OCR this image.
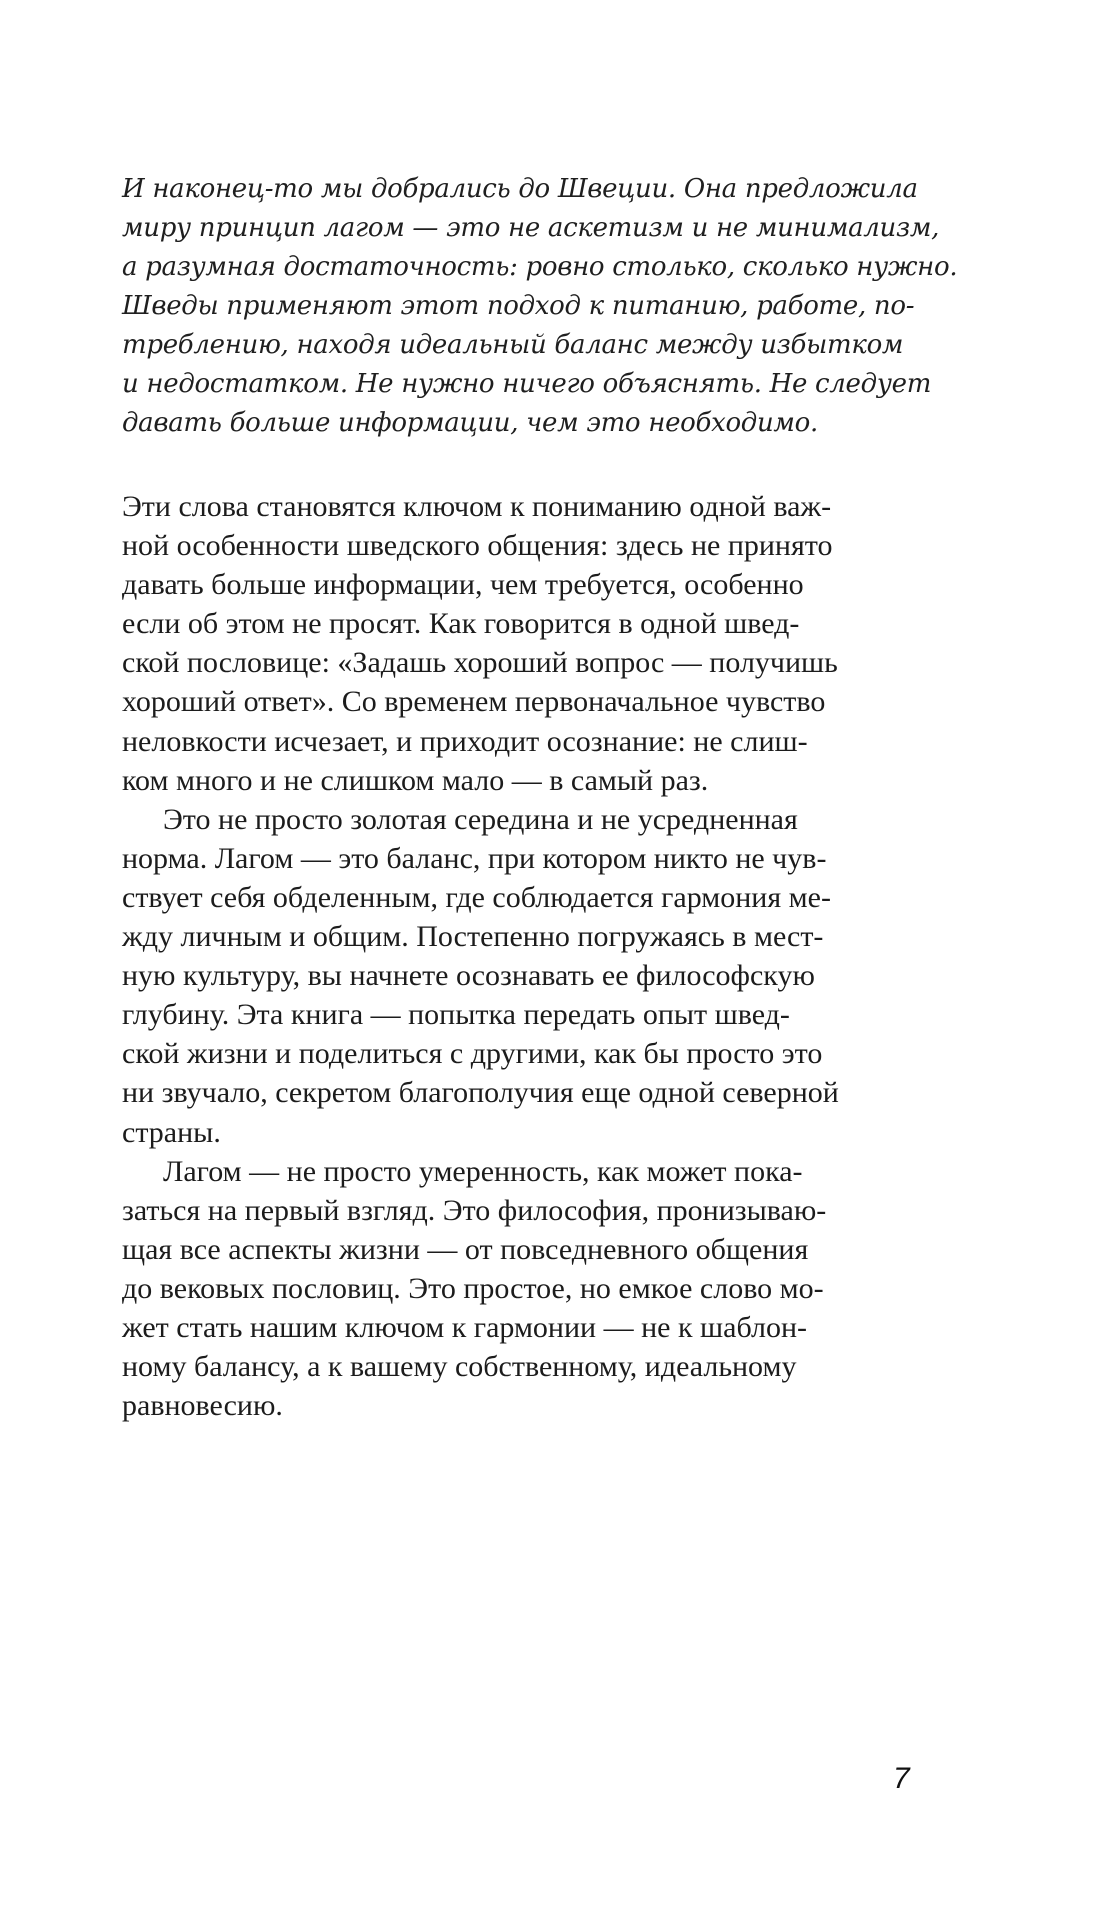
И наконец-то мы добрались до Швеции. Она предложила
миру принцип лагом — это не аскетизм и не минимализм,
а разумная достаточность: ровно столько, сколько нужно.
Шведы применяют этот подход к питанию, работе, по-
треблению, находя идеальный баланс между избытком
и недостатком. Не нужно ничего объяснять. Не следует
давать больше информации, чем это необходимо.
Эти слова становятся ключом к пониманию одной важ-
ной особенности шведского общения: здесь не принято
давать больше информации, чем требуется, особенно
если об этом не просят. Как говорится в одной швед-
ской пословице: «Задашь хороший вопрос — получишь
хороший ответ». Со временем первоначальное чувство
неловкости исчезает, и приходит осознание: не слиш-
ком много и не слишком мало — в самый раз.
Это не просто золотая середина и не усредненная
норма. Лагом — это баланс, при котором никто не чув-
ствует себя обделенным, где соблюдается гармония ме-
жду личным и общим. Постепенно погружаясь в мест-
ную культуру, вы начнете осознавать ее философскую
глубину. Эта книга — попытка передать опыт швед-
ской жизни и поделиться с другими, как бы просто это
ни звучало, секретом благополучия еще одной северной
страны.
Лагом — не просто умеренность, как может пока-
заться на первый взгляд. Это философия, пронизываю-
щая все аспекты жизни — от повседневного общения
до вековых пословиц. Это простое, но емкое слово мо-
жет стать нашим ключом к гармонии — не к шаблон-
ному балансу, а к вашему собственному, идеальному
равновесию.
7
